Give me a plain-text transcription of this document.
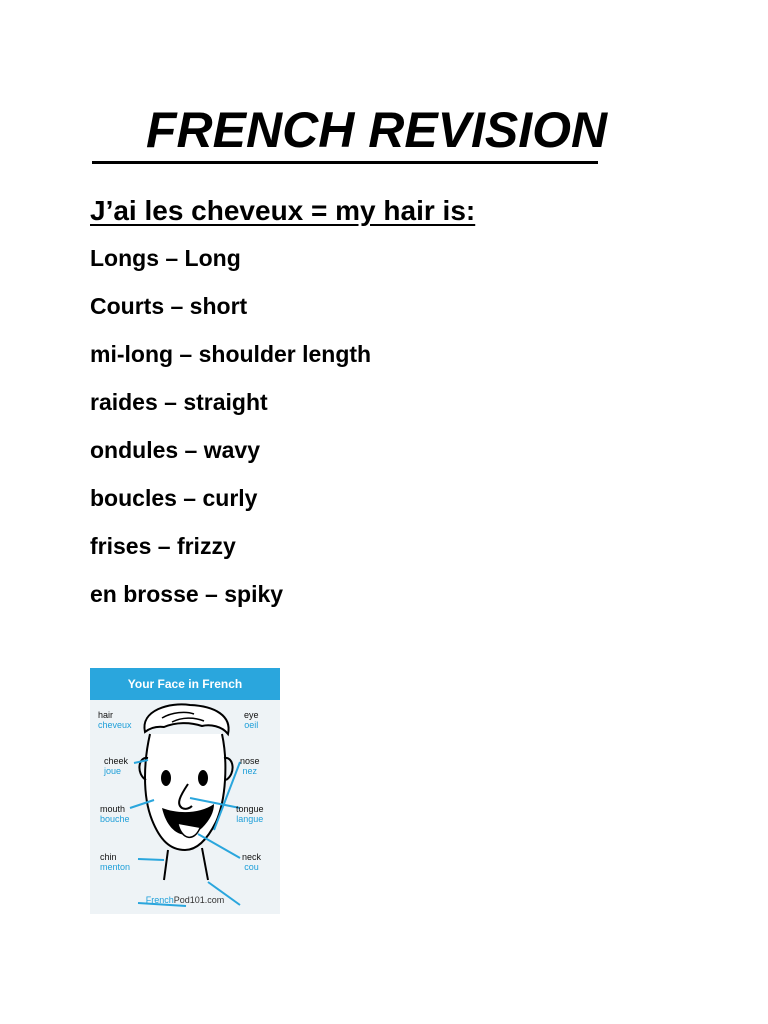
FRENCH REVISION
J’ai les cheveux = my hair is:
Longs – Long
Courts – short
mi-long – shoulder length
raides – straight
ondules – wavy
boucles – curly
frises – frizzy
en brosse – spiky
Your Face in French
hair
cheveux
cheek
joue
mouth
bouche
chin
menton
eye
oeil
nose
nez
tongue
langue
neck
cou
FrenchPod101.com
